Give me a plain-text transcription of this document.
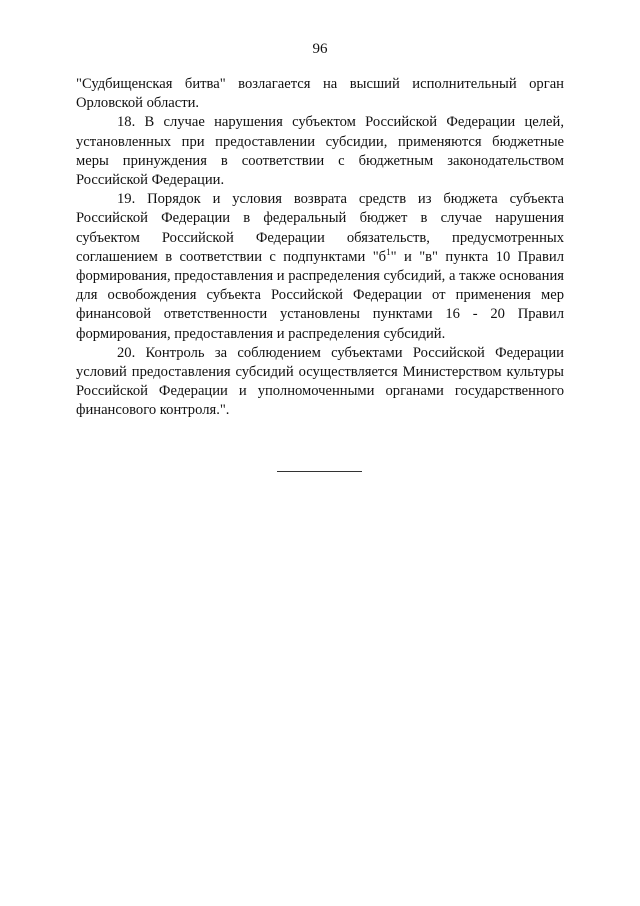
96

"Судбищенская битва" возлагается на высший исполнительный орган Орловской области.

18. В случае нарушения субъектом Российской Федерации целей, установленных при предоставлении субсидии, применяются бюджетные меры принуждения в соответствии с бюджетным законодательством Российской Федерации.

19. Порядок и условия возврата средств из бюджета субъекта Российской Федерации в федеральный бюджет в случае нарушения субъектом Российской Федерации обязательств, предусмотренных соглашением в соответствии с подпунктами "$б^1$" и "в" пункта 10 Правил формирования, предоставления и распределения субсидий, а также основания для освобождения субъекта Российской Федерации от применения мер финансовой ответственности установлены пунктами 16 - 20 Правил формирования, предоставления и распределения субсидий.

20. Контроль за соблюдением субъектами Российской Федерации условий предоставления субсидий осуществляется Министерством культуры Российской Федерации и уполномоченными органами государственного финансового контроля.".
